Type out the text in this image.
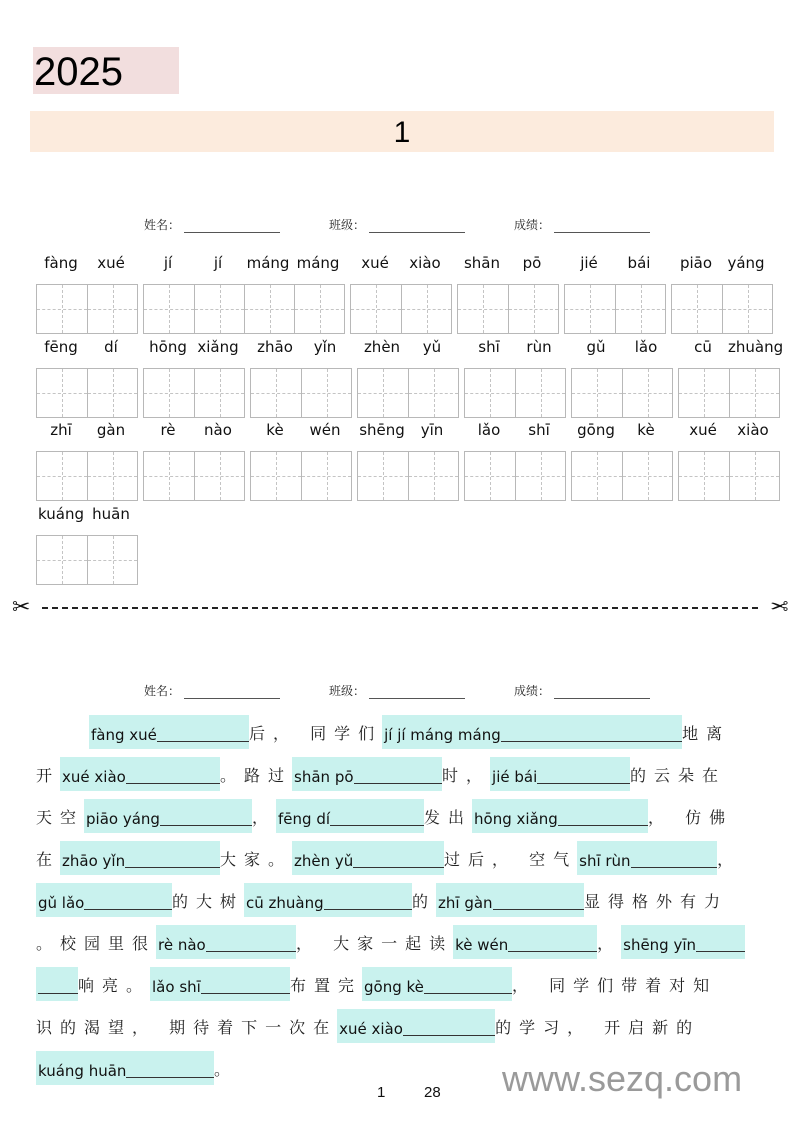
2025
1
姓名：	班级：	成绩：
fàng	xué	jí	jí	máng máng	xué	xiào	shān	pō	jié	bái	piāo	yáng
fēng	dí	hōng xiǎng	zhāo	yǐn	zhèn	yǔ	shī	rùn	gǔ	lǎo	cū	zhuàng
zhī	gàn	rè	nào	kè	wén	shēng	yīn	lǎo	shī	gōng	kè	xué	xiào
kuáng huān
✂	✂
姓名：	班级：	成绩：
fàng xué	后， 同学们 jí jí máng máng	地离
开 xué xiào	。路过 shān pō	时， jié bái	的云朵在
天空 piāo yáng	， fēng dí	发出 hōng xiǎng	， 仿佛
在 zhāo yǐn	大家。 zhèn yǔ	过后， 空气 shī rùn	，
gǔ lǎo	的大树 cū zhuàng	的 zhī gàn	显得格外有力
。校园里很 rè nào	， 大家一起读 kè wén	， shēng yīn
响亮。 lǎo shī	布置完 gōng kè	， 同学们带着对知
识的渴望， 期待着下一次在 xué xiào	的学习， 开启新的
kuáng huān	。
1	28 www.sezq.com
